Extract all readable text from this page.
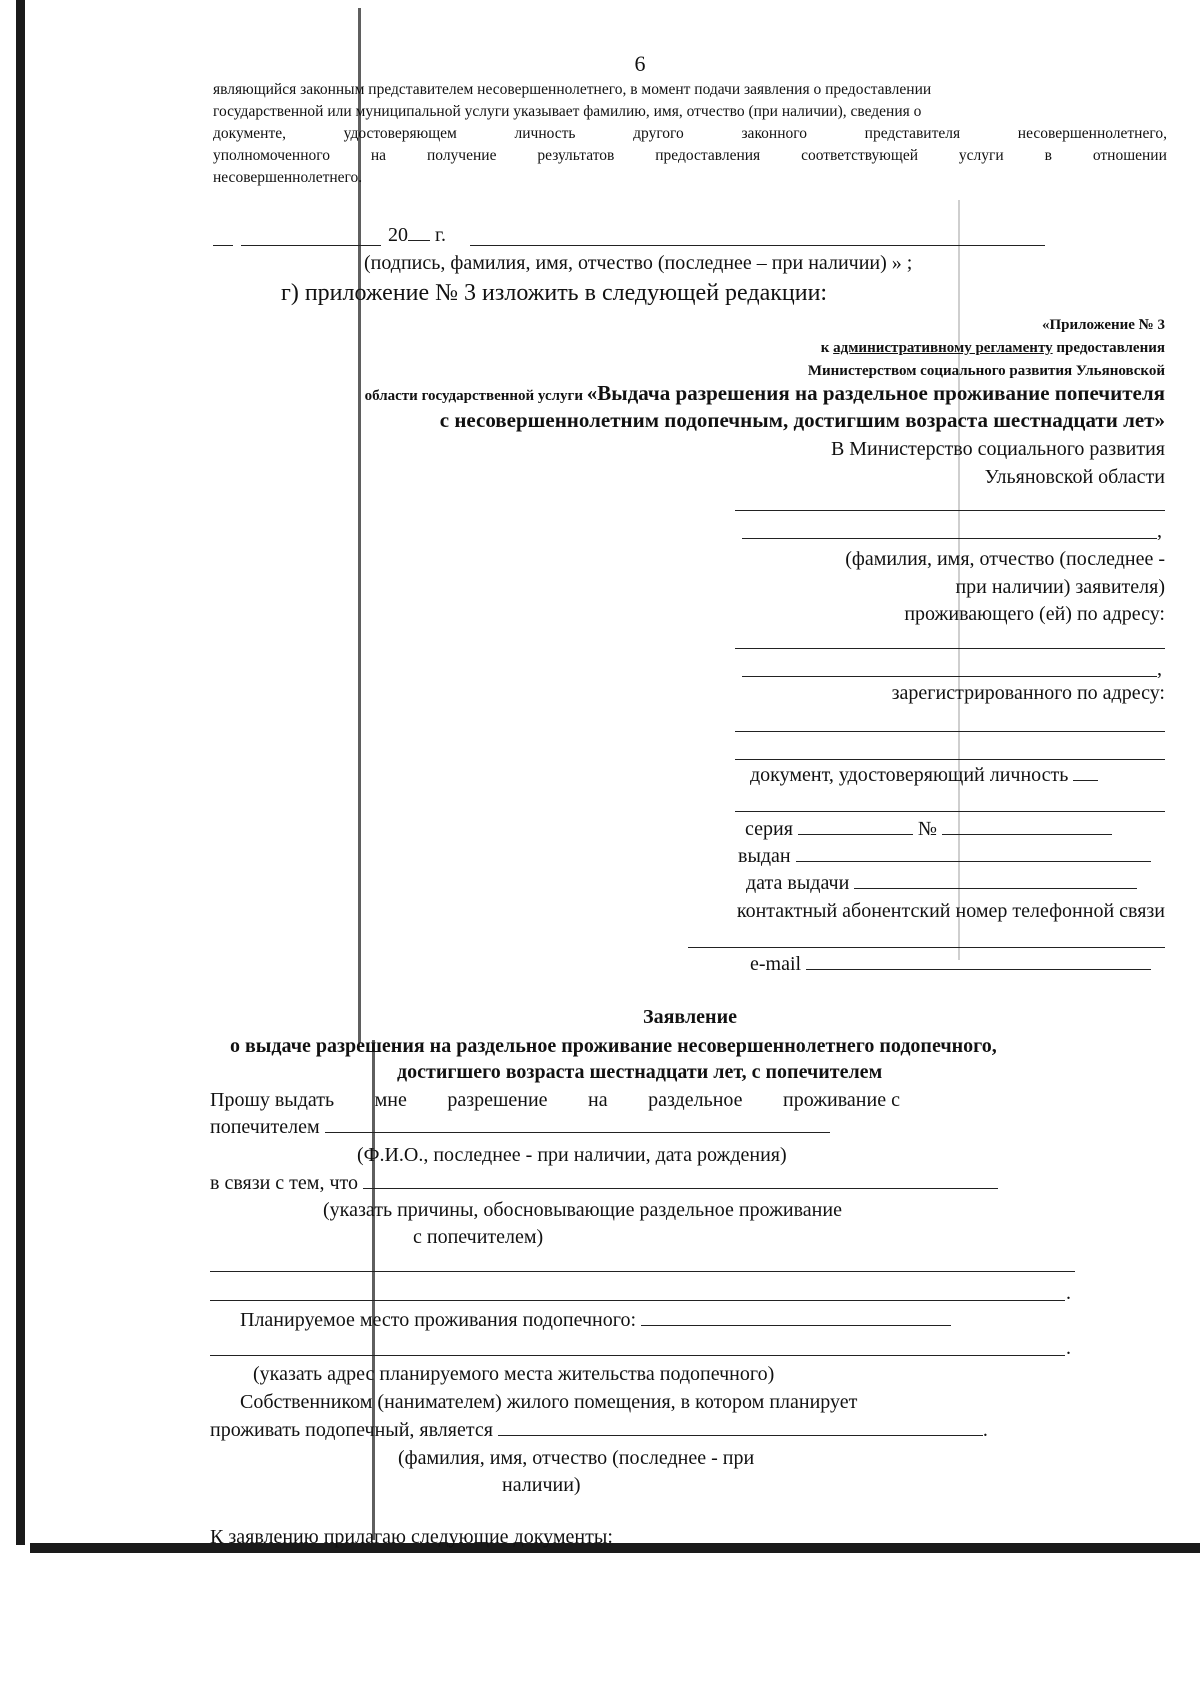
6
являющийся законным представителем несовершеннолетнего, в момент подачи заявления о предоставлении
государственной или муниципальной услуги указывает фамилию, имя, отчество (при наличии), сведения о
документе,	удостоверяющем	личность	другого	законного	представителя	несовершеннолетнего,
уполномоченного	на	получение	результатов	предоставления	соответствующей	услуги	в	отношении
несовершеннолетнего.
20 г.
(подпись, фамилия, имя, отчество (последнее – при наличии) » ;
г) приложение № 3 изложить в следующей редакции:
«Приложение № 3
к административному регламенту предоставления
Министерством социального развития Ульяновской
области государственной услуги «Выдача разрешения на раздельное проживание попечителя
с несовершеннолетним подопечным, достигшим возраста шестнадцати лет»
В Министерство социального развития
Ульяновской области
,
(фамилия, имя, отчество (последнее -
при наличии) заявителя)
проживающего (ей) по адресу:
,
зарегистрированного по адресу:
документ, удостоверяющий личность
серия	№
выдан
дата выдачи
контактный абонентский номер телефонной связи
e-mail
Заявление
о выдаче разрешения на раздельное проживание несовершеннолетнего подопечного,
достигшего возраста шестнадцати лет, с попечителем
Прошу выдать мне разрешение на раздельное проживание с
попечителем
(Ф.И.О., последнее - при наличии, дата рождения)
в связи с тем, что
(указать причины, обосновывающие раздельное проживание
с попечителем)
.
Планируемое место проживания подопечного:
.
(указать адрес планируемого места жительства подопечного)
Собственником (нанимателем) жилого помещения, в котором планирует
проживать подопечный, является	.
(фамилия, имя, отчество (последнее - при
наличии)
К заявлению прилагаю следующие документы:
